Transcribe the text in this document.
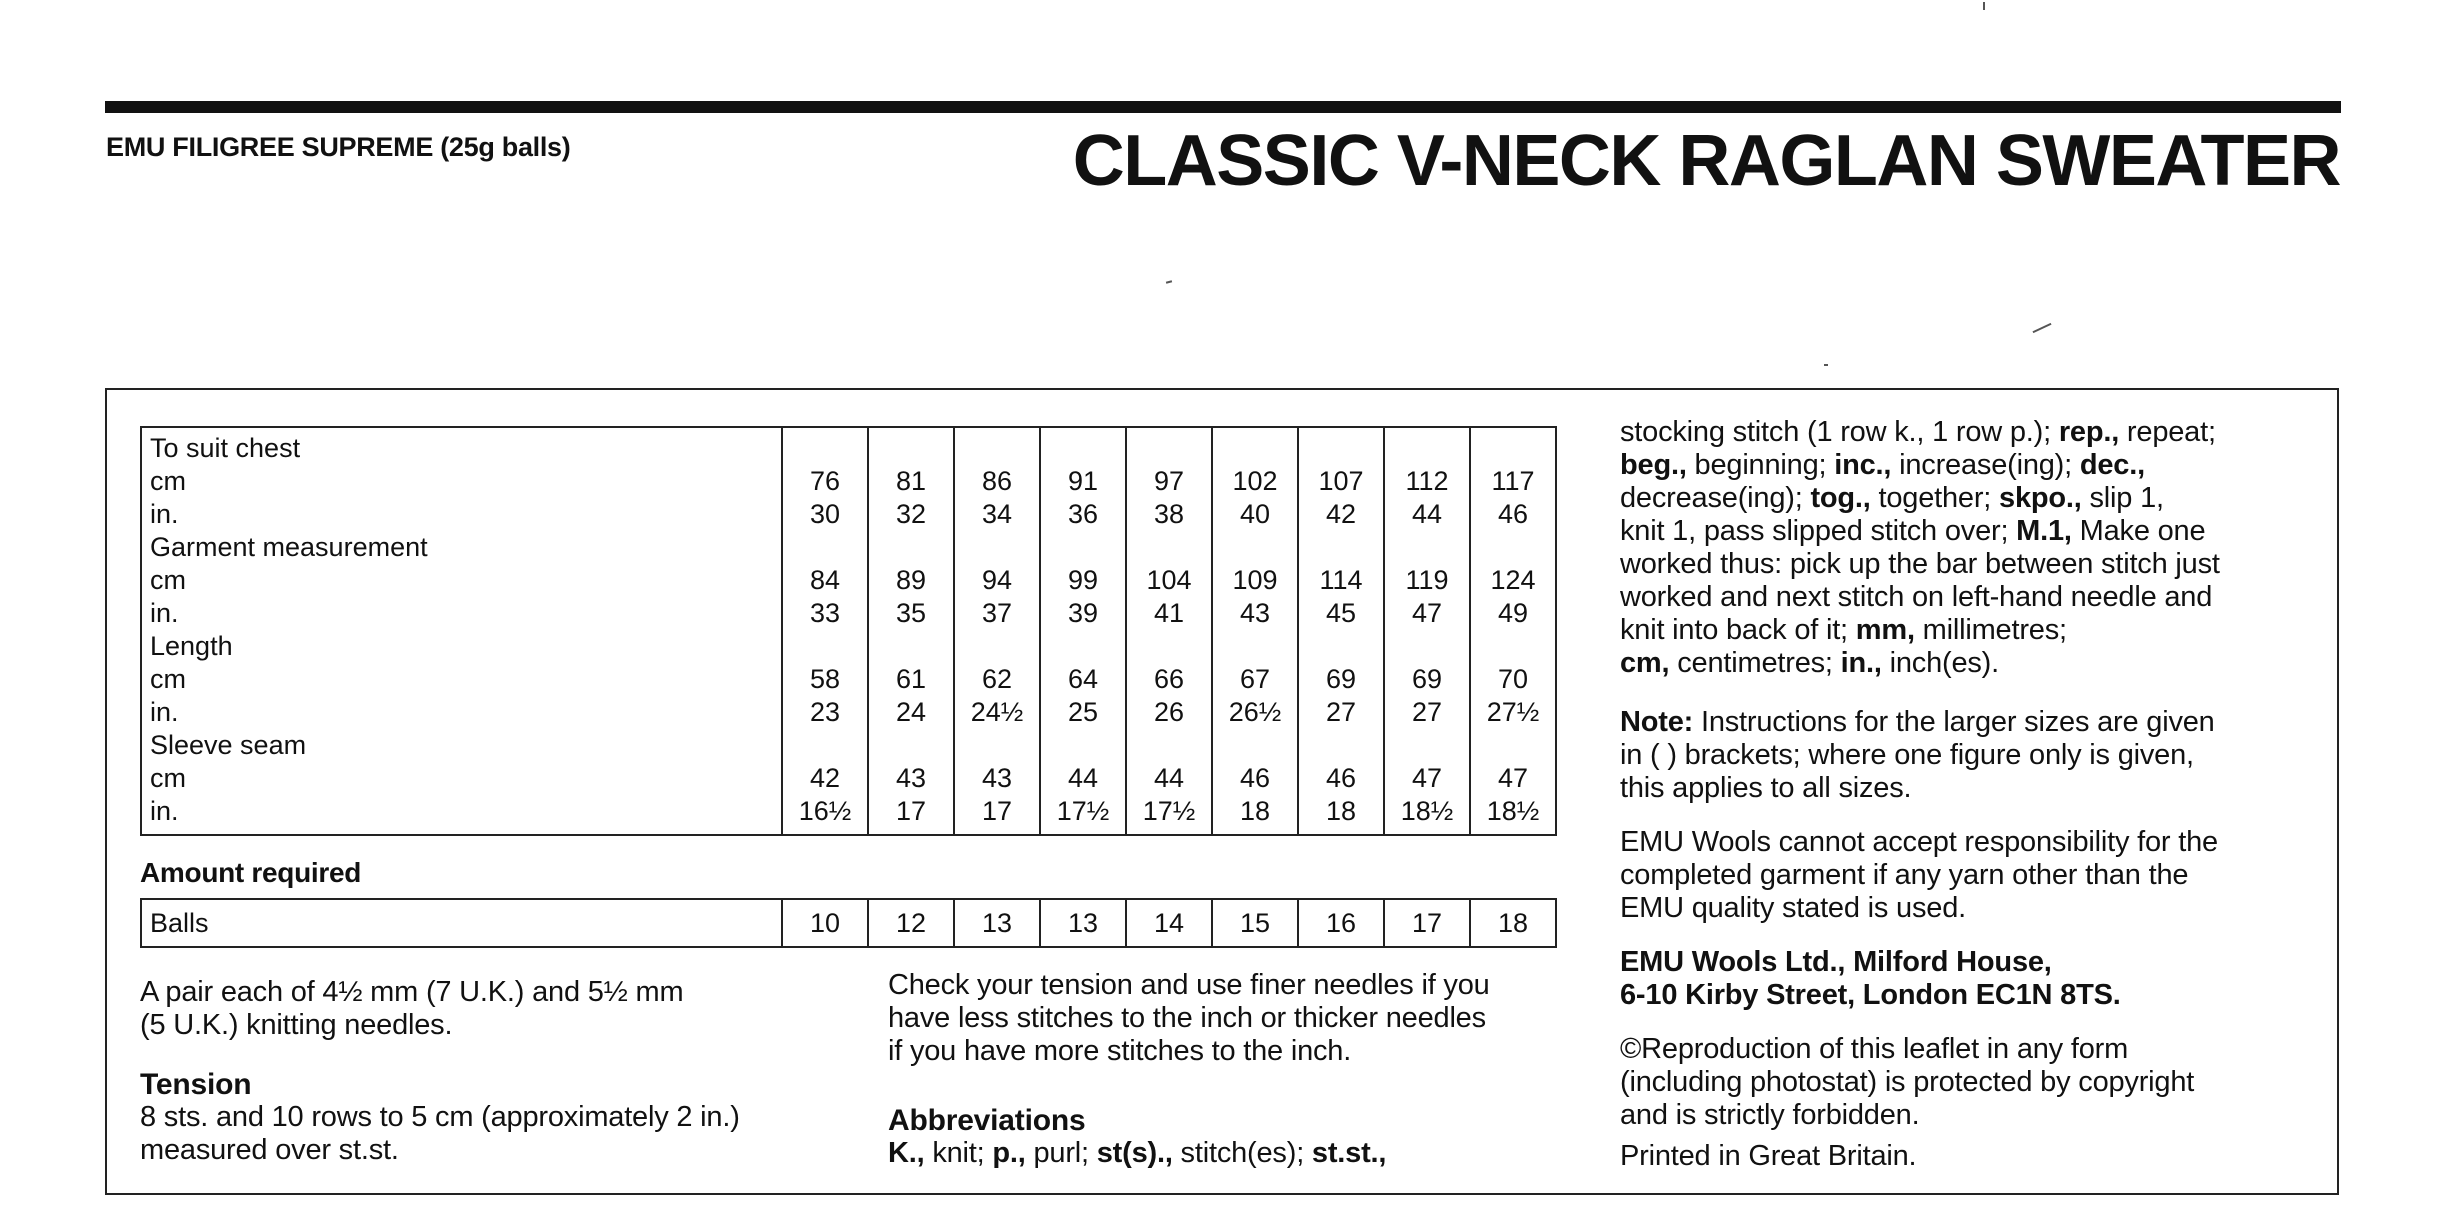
EMU FILIGREE SUPREME (25g balls)	CLASSIC V-NECK RAGLAN SWEATER
To suit chest									
cm	76	81	86	91	97	102	107	112	117
in.	30	32	34	36	38	40	42	44	46
Garment measurement									
cm	84	89	94	99	104	109	114	119	124
in.	33	35	37	39	41	43	45	47	49
Length									
cm	58	61	62	64	66	67	69	69	70
in.	23	24	24½	25	26	26½	27	27	27½
Sleeve seam									
cm	42	43	43	44	44	46	46	47	47
in.	16½	17	17	17½	17½	18	18	18½	18½
Amount required
Balls	10	12	13	13	14	15	16	17	18
A pair each of 4½ mm (7 U.K.) and 5½ mm
(5 U.K.) knitting needles.
Tension
8 sts. and 10 rows to 5 cm (approximately 2 in.)
measured over st.st.
Check your tension and use finer needles if you
have less stitches to the inch or thicker needles
if you have more stitches to the inch.
Abbreviations
K., knit; p., purl; st(s)., stitch(es); st.st.,

stocking stitch (1 row k., 1 row p.); rep., repeat;

beg., beginning; inc., increase(ing); dec.,

decrease(ing); tog., together; skpo., slip 1,

knit 1, pass slipped stitch over; M.1, Make one

worked thus: pick up the bar between stitch just

worked and next stitch on left-hand needle and

knit into back of it; mm, millimetres;

cm, centimetres; in., inch(es).

Note: Instructions for the larger sizes are given

in ( ) brackets; where one figure only is given,

this applies to all sizes.

EMU Wools cannot accept responsibility for the

completed garment if any yarn other than the

EMU quality stated is used.

EMU Wools Ltd., Milford House,

6-10 Kirby Street, London EC1N 8TS.

©Reproduction of this leaflet in any form

(including photostat) is protected by copyright

and is strictly forbidden.

Printed in Great Britain.
